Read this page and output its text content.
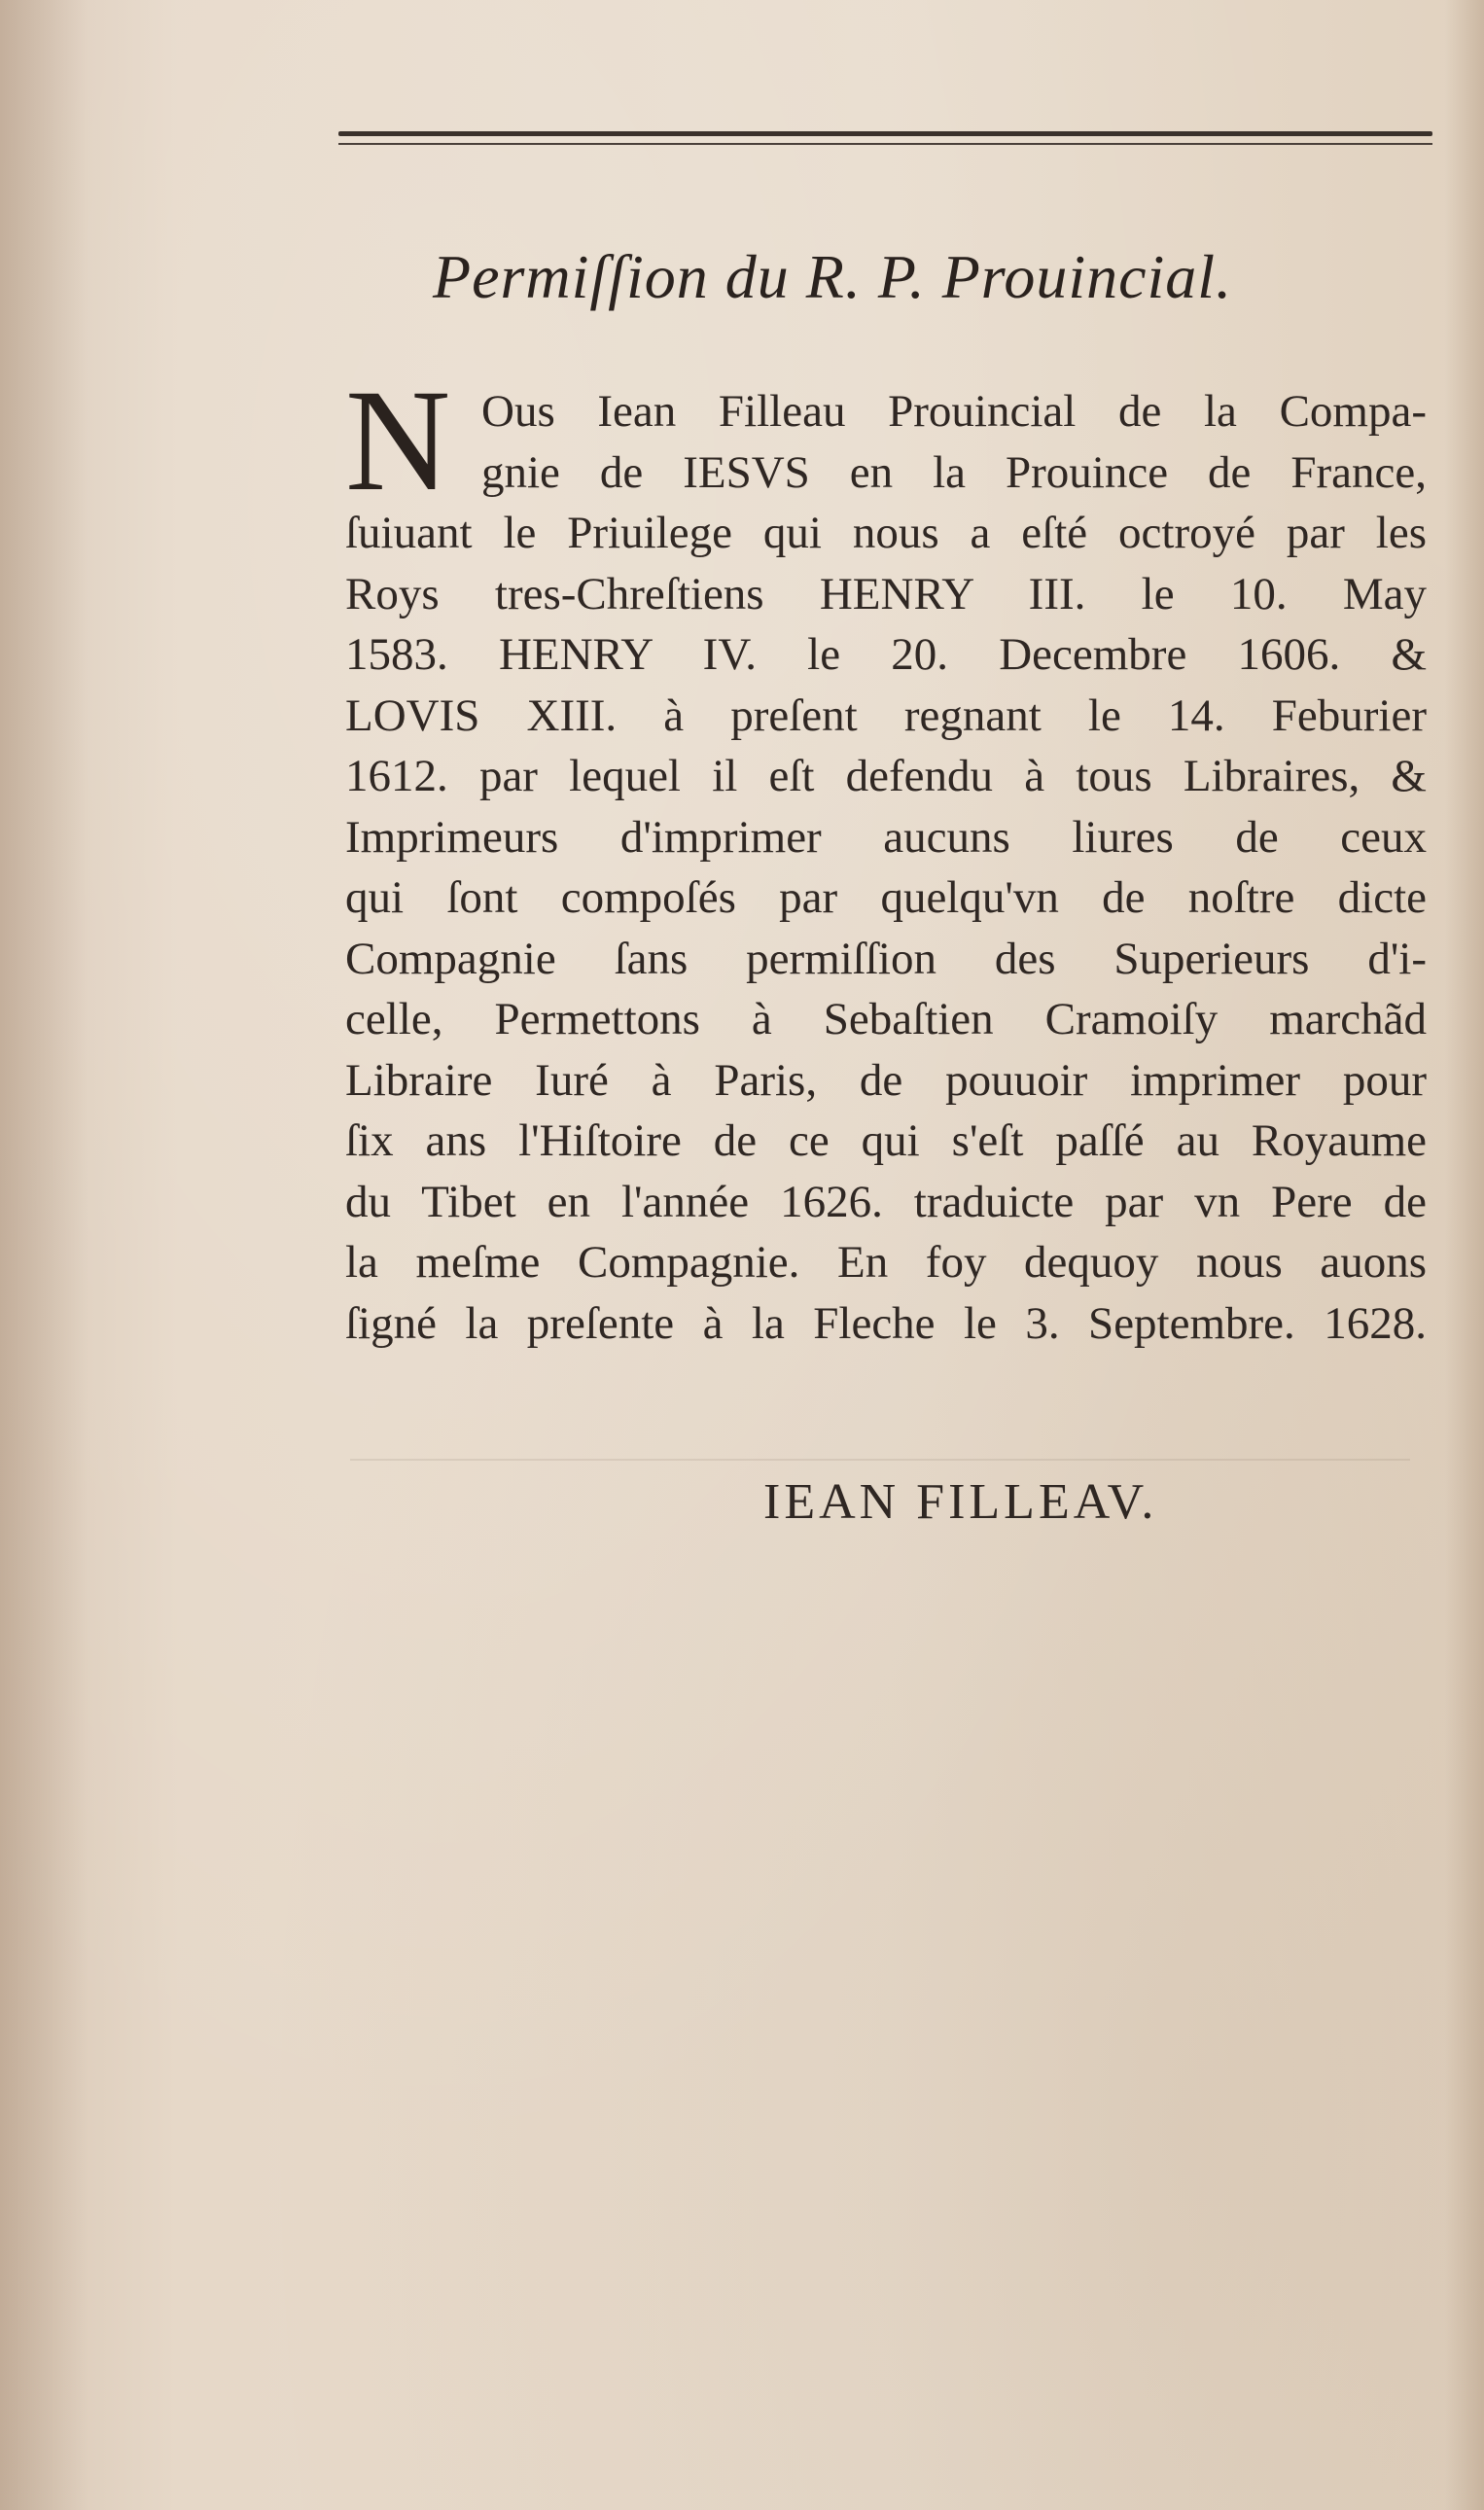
Permiſſion du R. P. Prouincial.
N Ous Iean Filleau Prouincial de la Compa-
gnie de IESVS en la Prouince de France,
ſuiuant le Priuilege qui nous a eſté octroyé par les
Roys tres-Chreſtiens HENRY III. le 10. May
1583. HENRY IV. le 20. Decembre 1606. &
LOVIS XIII. à preſent regnant le 14. Feburier
1612. par lequel il eſt defendu à tous Libraires, &
Imprimeurs d'imprimer aucuns liures de ceux
qui ſont compoſés par quelqu'vn de noſtre dicte
Compagnie ſans permiſſion des Superieurs d'i-
celle, Permettons à Sebaſtien Cramoiſy marchãd
Libraire Iuré à Paris, de pouuoir imprimer pour
ſix ans l'Hiſtoire de ce qui s'eſt paſſé au Royaume
du Tibet en l'année 1626. traduicte par vn Pere de
la meſme Compagnie. En foy dequoy nous auons
ſigné la preſente à la Fleche le 3. Septembre. 1628.
IEAN FILLEAV.
